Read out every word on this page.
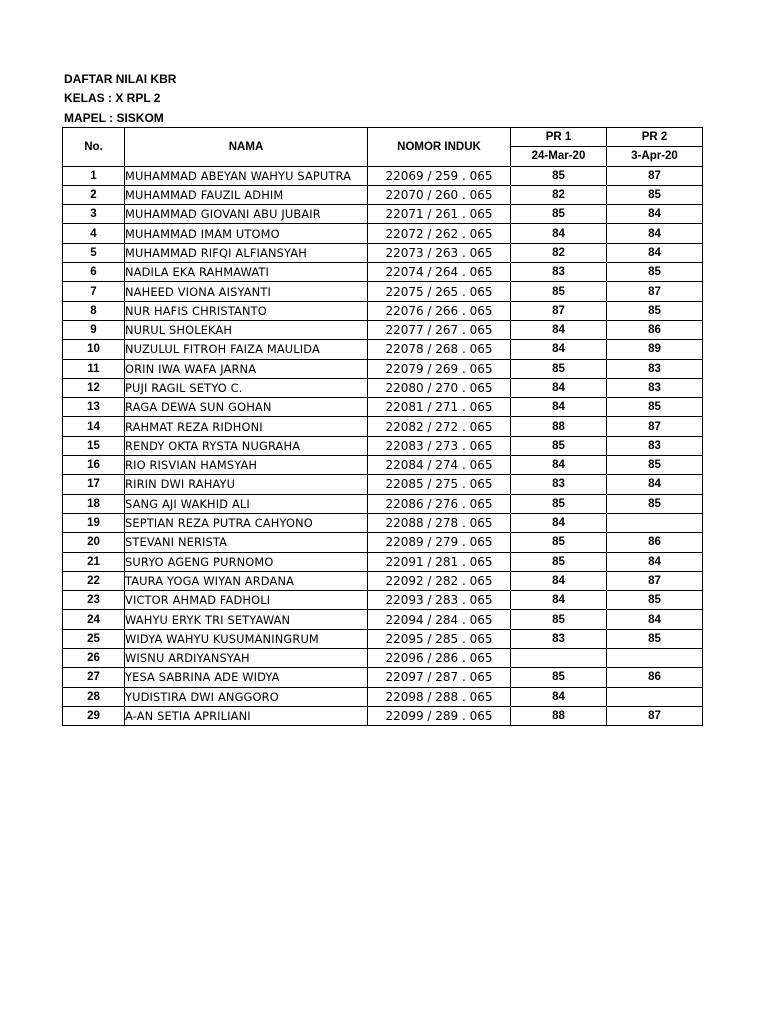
DAFTAR NILAI KBR
KELAS : X RPL 2
MAPEL : SISKOM
No.	NAMA	NOMOR INDUK	PR 1	PR 2
			24-Mar-20	3-Apr-20
1	MUHAMMAD ABEYAN WAHYU SAPUTRA	22069 / 259 . 065	85	87
2	MUHAMMAD FAUZIL ADHIM	22070 / 260 . 065	82	85
3	MUHAMMAD GIOVANI ABU JUBAIR	22071 / 261 . 065	85	84
4	MUHAMMAD IMAM UTOMO	22072 / 262 . 065	84	84
5	MUHAMMAD RIFQI ALFIANSYAH	22073 / 263 . 065	82	84
6	NADILA EKA RAHMAWATI	22074 / 264 . 065	83	85
7	NAHEED VIONA AISYANTI	22075 / 265 . 065	85	87
8	NUR HAFIS CHRISTANTO	22076 / 266 . 065	87	85
9	NURUL SHOLEKAH	22077 / 267 . 065	84	86
10	NUZULUL FITROH FAIZA MAULIDA	22078 / 268 . 065	84	89
11	ORIN IWA WAFA JARNA	22079 / 269 . 065	85	83
12	PUJI RAGIL SETYO C.	22080 / 270 . 065	84	83
13	RAGA DEWA SUN GOHAN	22081 / 271 . 065	84	85
14	RAHMAT REZA RIDHONI	22082 / 272 . 065	88	87
15	RENDY OKTA RYSTA NUGRAHA	22083 / 273 . 065	85	83
16	RIO RISVIAN HAMSYAH	22084 / 274 . 065	84	85
17	RIRIN DWI RAHAYU	22085 / 275 . 065	83	84
18	SANG AJI WAKHID ALI	22086 / 276 . 065	85	85
19	SEPTIAN REZA PUTRA CAHYONO	22088 / 278 . 065	84	
20	STEVANI NERISTA	22089 / 279 . 065	85	86
21	SURYO AGENG PURNOMO	22091 / 281 . 065	85	84
22	TAURA YOGA WIYAN ARDANA	22092 / 282 . 065	84	87
23	VICTOR AHMAD FADHOLI	22093 / 283 . 065	84	85
24	WAHYU ERYK TRI SETYAWAN	22094 / 284 . 065	85	84
25	WIDYA WAHYU KUSUMANINGRUM	22095 / 285 . 065	83	85
26	WISNU ARDIYANSYAH	22096 / 286 . 065		
27	YESA SABRINA ADE WIDYA	22097 / 287 . 065	85	86
28	YUDISTIRA DWI ANGGORO	22098 / 288 . 065	84	
29	A-AN SETIA APRILIANI	22099 / 289 . 065	88	87
